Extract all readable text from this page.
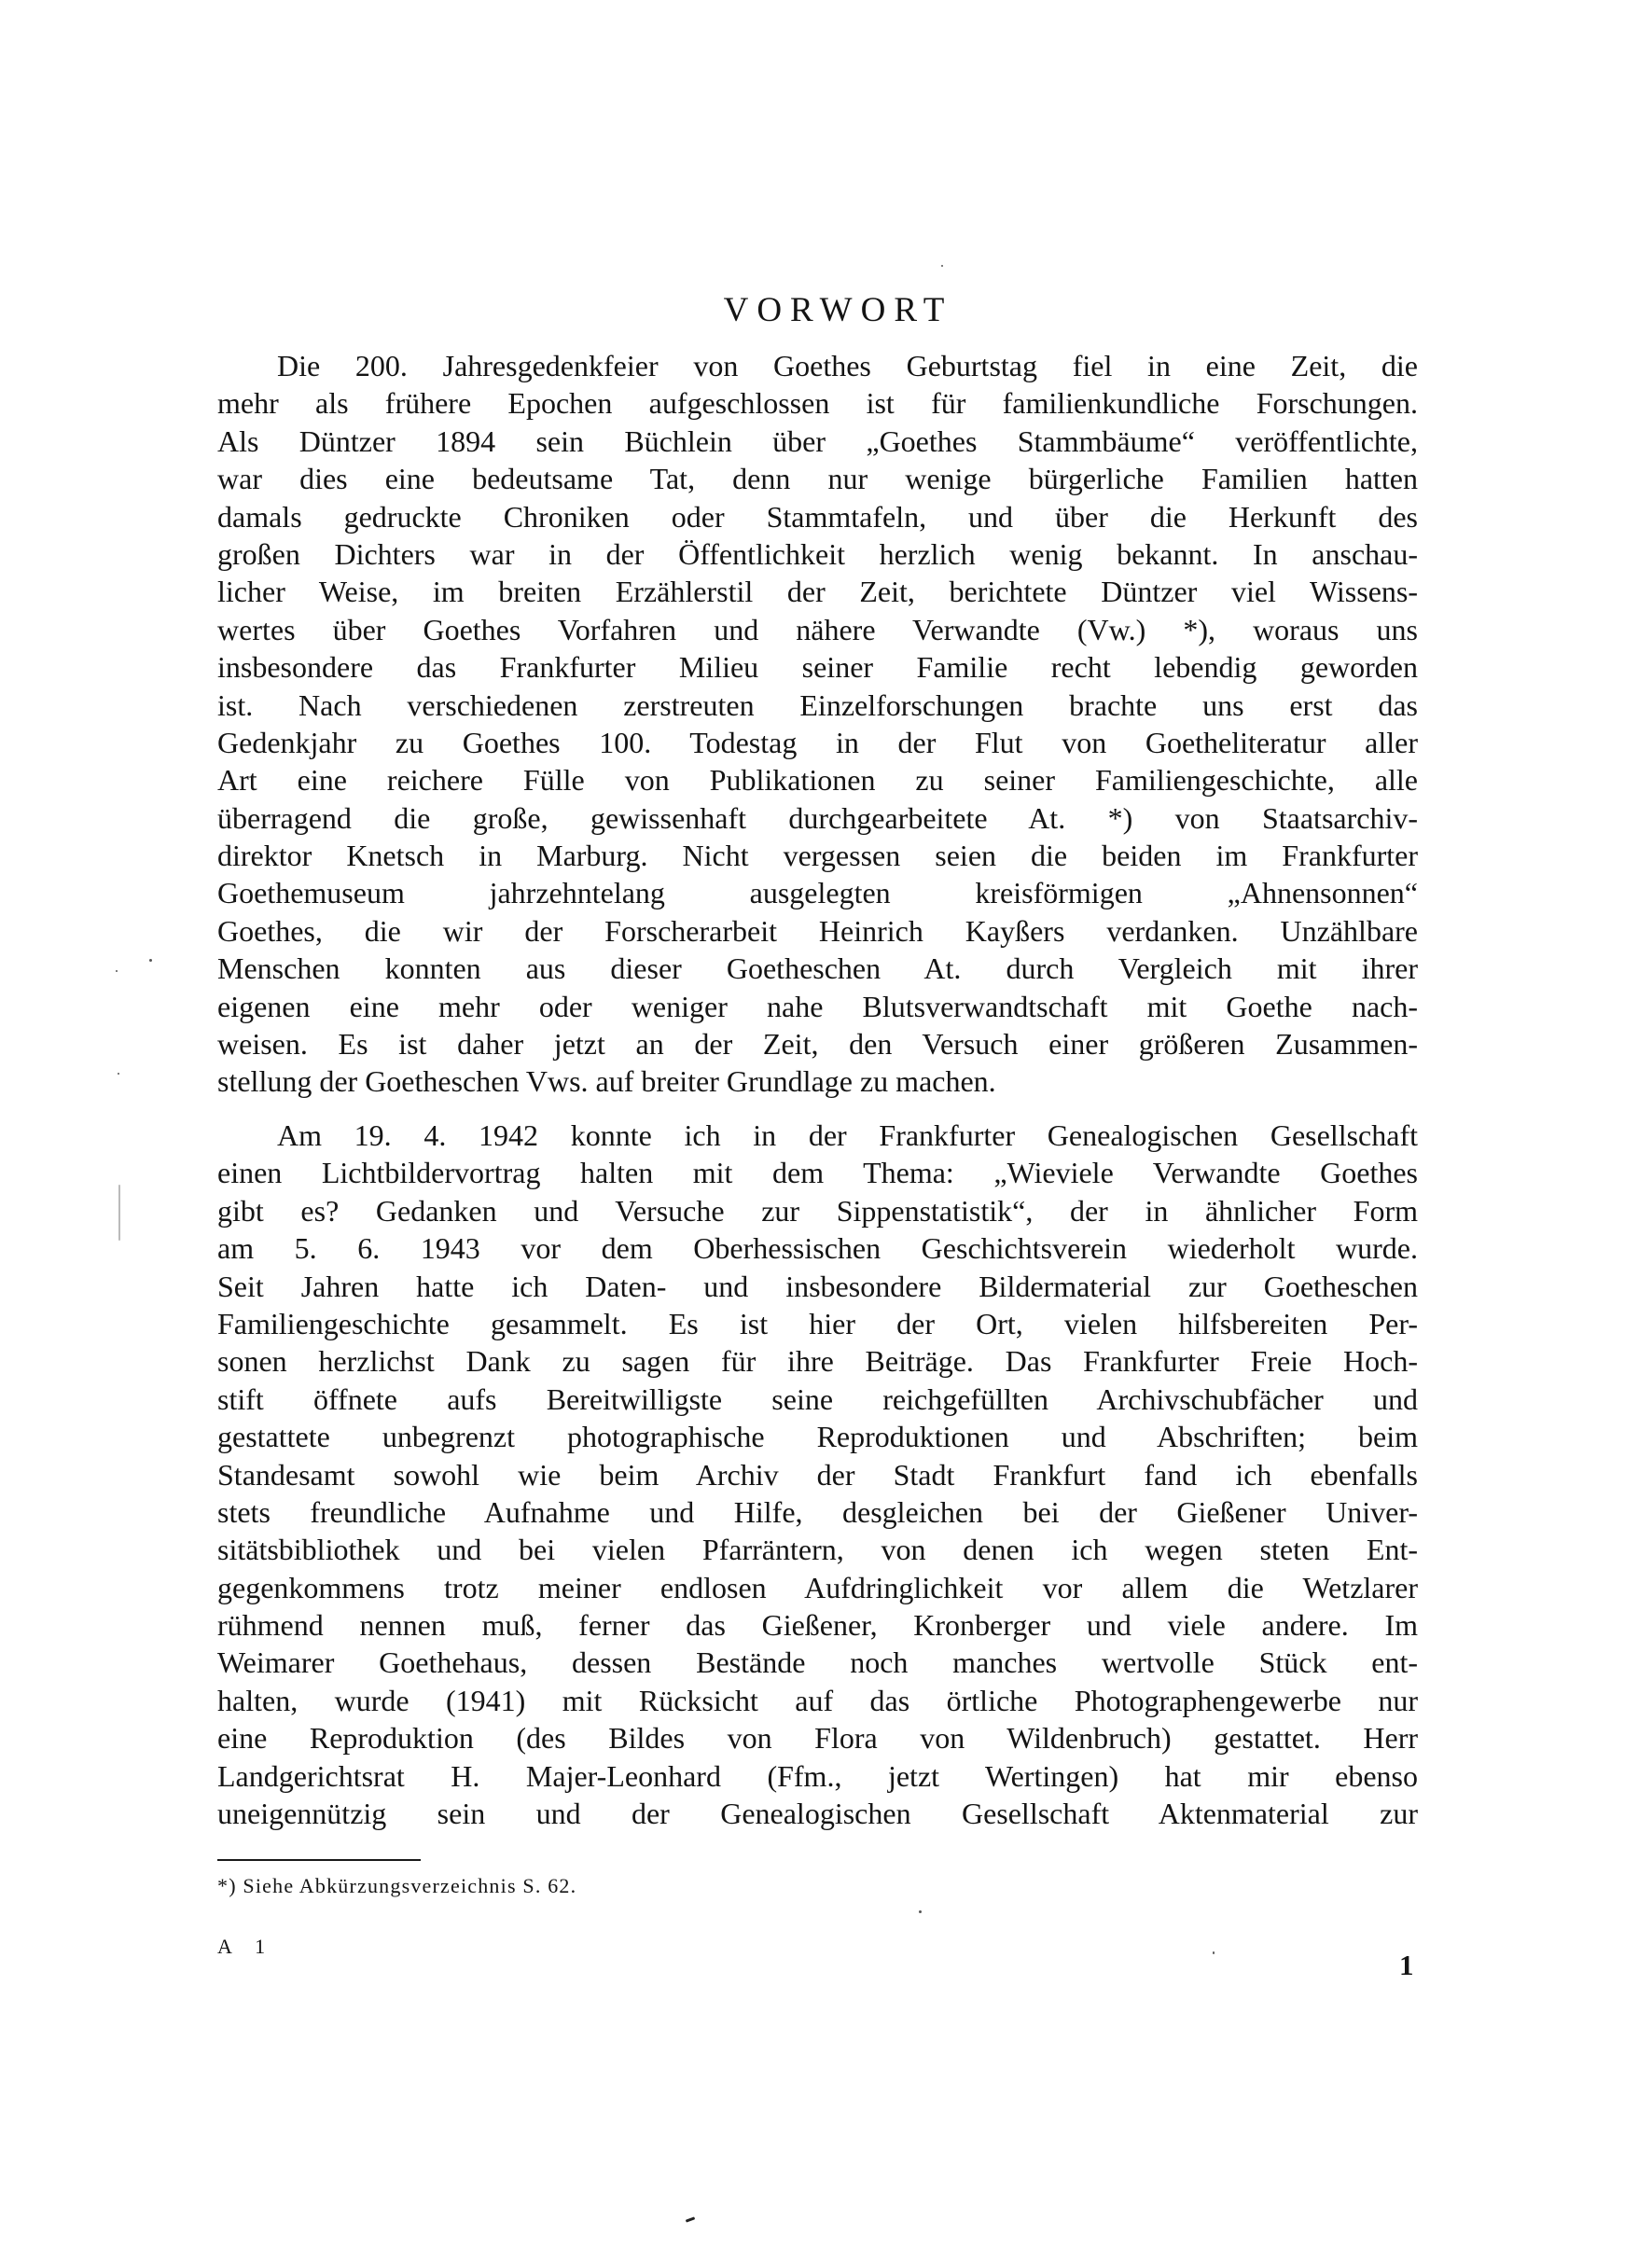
VORWORT
Die 200. Jahresgedenkfeier von Goethes Geburtstag fiel in eine Zeit, die
mehr als frühere Epochen aufgeschlossen ist für familienkundliche Forschungen.
Als Düntzer 1894 sein Büchlein über „Goethes Stammbäume“ veröffentlichte,
war dies eine bedeutsame Tat, denn nur wenige bürgerliche Familien hatten
damals gedruckte Chroniken oder Stammtafeln, und über die Herkunft des
großen Dichters war in der Öffentlichkeit herzlich wenig bekannt. In anschau-
licher Weise, im breiten Erzählerstil der Zeit, berichtete Düntzer viel Wissens-
wertes über Goethes Vorfahren und nähere Verwandte (Vw.) *), woraus uns
insbesondere das Frankfurter Milieu seiner Familie recht lebendig geworden
ist. Nach verschiedenen zerstreuten Einzelforschungen brachte uns erst das
Gedenkjahr zu Goethes 100. Todestag in der Flut von Goetheliteratur aller
Art eine reichere Fülle von Publikationen zu seiner Familiengeschichte, alle
überragend die große, gewissenhaft durchgearbeitete At. *) von Staatsarchiv-
direktor Knetsch in Marburg. Nicht vergessen seien die beiden im Frankfurter
Goethemuseum jahrzehntelang ausgelegten kreisförmigen „Ahnensonnen“
Goethes, die wir der Forscherarbeit Heinrich Kayßers verdanken. Unzählbare
Menschen konnten aus dieser Goetheschen At. durch Vergleich mit ihrer
eigenen eine mehr oder weniger nahe Blutsverwandtschaft mit Goethe nach-
weisen. Es ist daher jetzt an der Zeit, den Versuch einer größeren Zusammen-
stellung der Goetheschen Vws. auf breiter Grundlage zu machen.
Am 19. 4. 1942 konnte ich in der Frankfurter Genealogischen Gesellschaft
einen Lichtbildervortrag halten mit dem Thema: „Wieviele Verwandte Goethes
gibt es? Gedanken und Versuche zur Sippenstatistik“, der in ähnlicher Form
am 5. 6. 1943 vor dem Oberhessischen Geschichtsverein wiederholt wurde.
Seit Jahren hatte ich Daten- und insbesondere Bildermaterial zur Goetheschen
Familiengeschichte gesammelt. Es ist hier der Ort, vielen hilfsbereiten Per-
sonen herzlichst Dank zu sagen für ihre Beiträge. Das Frankfurter Freie Hoch-
stift öffnete aufs Bereitwilligste seine reichgefüllten Archivschubfächer und
gestattete unbegrenzt photographische Reproduktionen und Abschriften; beim
Standesamt sowohl wie beim Archiv der Stadt Frankfurt fand ich ebenfalls
stets freundliche Aufnahme und Hilfe, desgleichen bei der Gießener Univer-
sitätsbibliothek und bei vielen Pfarräntern, von denen ich wegen steten Ent-
gegenkommens trotz meiner endlosen Aufdringlichkeit vor allem die Wetzlarer
rühmend nennen muß, ferner das Gießener, Kronberger und viele andere. Im
Weimarer Goethehaus, dessen Bestände noch manches wertvolle Stück ent-
halten, wurde (1941) mit Rücksicht auf das örtliche Photographengewerbe nur
eine Reproduktion (des Bildes von Flora von Wildenbruch) gestattet. Herr
Landgerichtsrat H. Majer-Leonhard (Ffm., jetzt Wertingen) hat mir ebenso
uneigennützig sein und der Genealogischen Gesellschaft Aktenmaterial zur
*) Siehe Abkürzungsverzeichnis S. 62.
A 1
1
